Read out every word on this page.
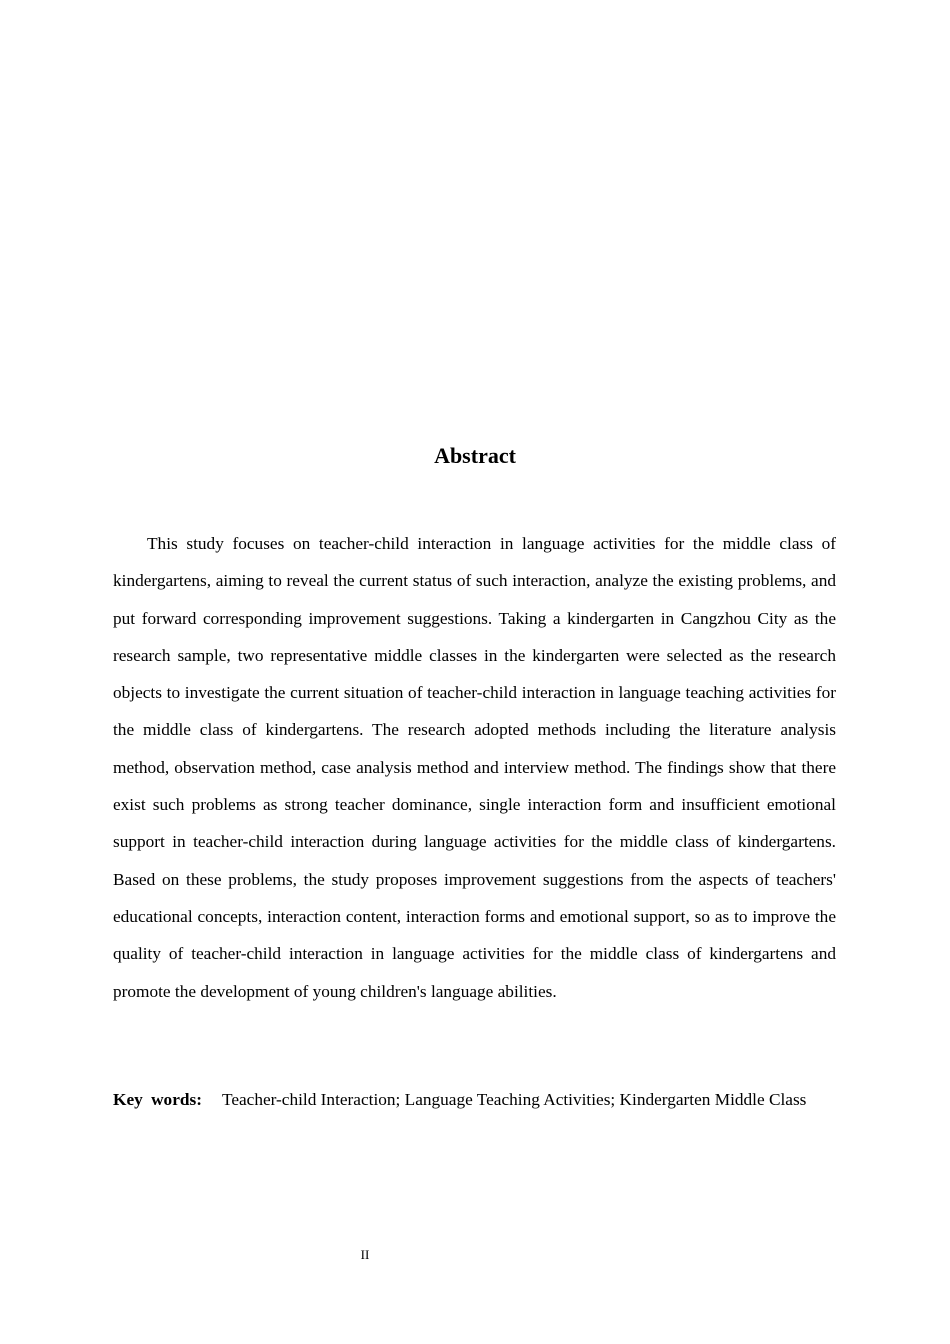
Abstract

This study focuses on teacher-child interaction in language activities for the middle class of kindergartens, aiming to reveal the current status of such interaction, analyze the existing problems, and put forward corresponding improvement suggestions. Taking a kindergarten in Cangzhou City as the research sample, two representative middle classes in the kindergarten were selected as the research objects to investigate the current situation of teacher-child interaction in language teaching activities for the middle class of kindergartens. The research adopted methods including the literature analysis method, observation method, case analysis method and interview method. The findings show that there exist such problems as strong teacher dominance, single interaction form and insufficient emotional support in teacher-child interaction during language activities for the middle class of kindergartens. Based on these problems, the study proposes improvement suggestions from the aspects of teachers' educational concepts, interaction content, interaction forms and emotional support, so as to improve the quality of teacher-child interaction in language activities for the middle class of kindergartens and promote the development of young children's language abilities.

Key words: Teacher-child Interaction; Language Teaching Activities; Kindergarten Middle Class

II
